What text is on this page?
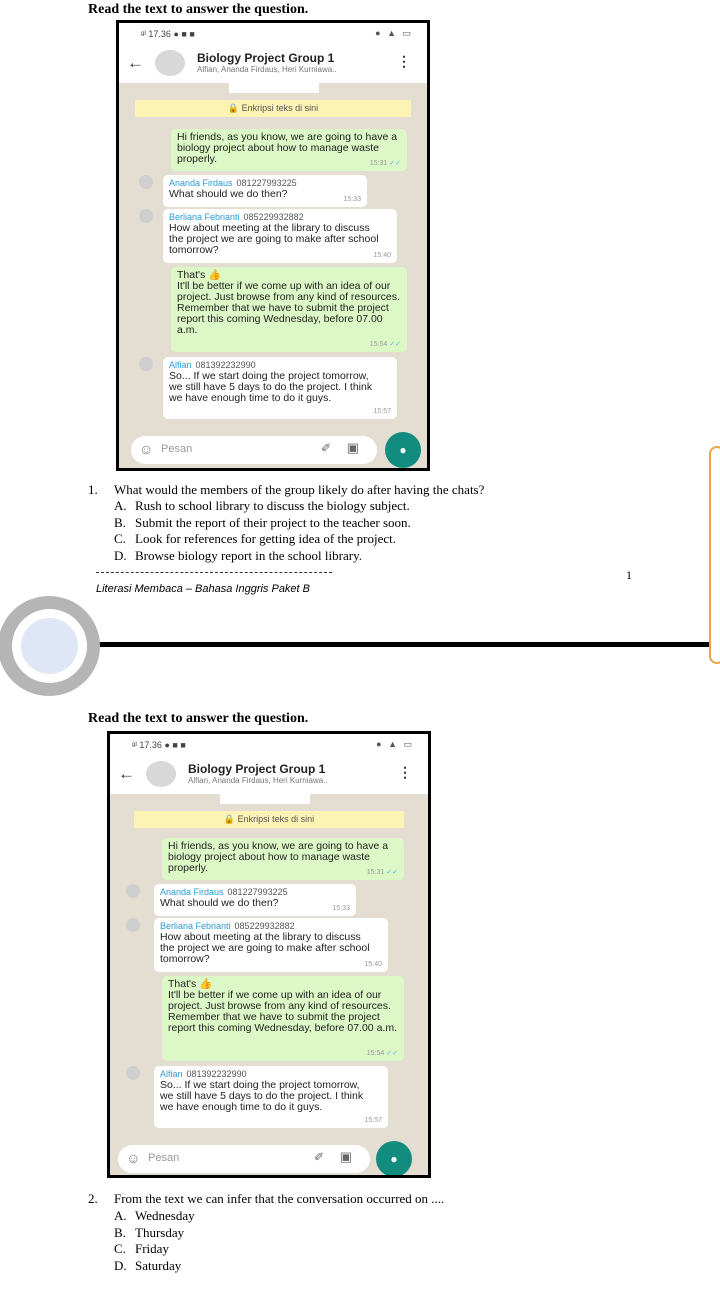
Read the text to answer the question.
ᵍᴵ 17.36 ● ■ ■	● ▲ ▭
←	Biology Project Group 1
Alfian, Ananda Firdaus, Heri Kurniawa..
⋮
🔒 Enkripsi teks di sini
Hi friends, as you know, we are going to have a biology project about how to manage waste properly.	15:31 ✓✓
Ananda Firdaus 081227993225
What should we do then?	15:33
Berliana Febrianti 085229932882
How about meeting at the library to discuss the project we are going to make after school tomorrow?	15:40
That's 👍
It'll be better if we come up with an idea of our project. Just browse from any kind of resources. Remember that we have to submit the project report this coming Wednesday, before 07.00 a.m.
15:54 ✓✓
Alfian 081392232990
So... If we start doing the project tomorrow, we still have 5 days to do the project. I think we have enough time to do it guys.
15:57
☺ Pesan	✐ ▣	●
1. What would the members of the group likely do after having the chats?
A. Rush to school library to discuss the biology subject.
B. Submit the report of their project to the teacher soon.
C. Look for references for getting idea of the project.
D. Browse biology report in the school library.
1
Literasi Membaca – Bahasa Inggris Paket B
Read the text to answer the question.
ᵍᴵ 17.36 ● ■ ■	● ▲ ▭
←	Biology Project Group 1
Alfian, Ananda Firdaus, Heri Kurniawa..
⋮
🔒 Enkripsi teks di sini
Hi friends, as you know, we are going to have a biology project about how to manage waste properly.	15:31 ✓✓
Ananda Firdaus 081227993225
What should we do then?	15:33
Berliana Febrianti 085229932882
How about meeting at the library to discuss the project we are going to make after school tomorrow?	15:40
That's 👍
It'll be better if we come up with an idea of our project. Just browse from any kind of resources. Remember that we have to submit the project report this coming Wednesday, before 07.00 a.m.
15:54 ✓✓
Alfian 081392232990
So... If we start doing the project tomorrow, we still have 5 days to do the project. I think we have enough time to do it guys.
15:57
☺ Pesan	✐ ▣	●
2. From the text we can infer that the conversation occurred on ....
A. Wednesday
B. Thursday
C. Friday
D. Saturday
